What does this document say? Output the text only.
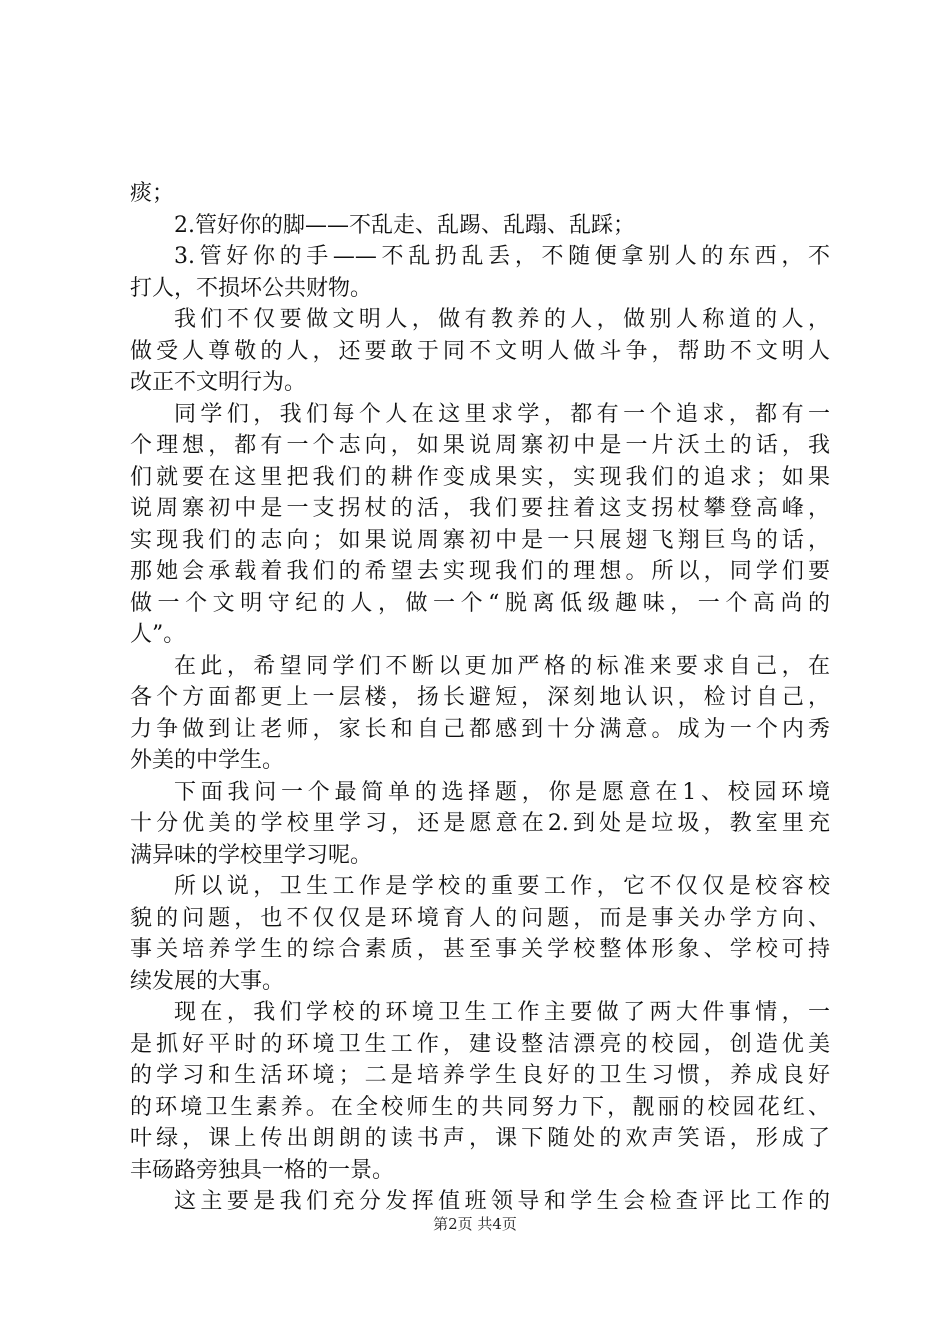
痰；
2.管好你的脚——不乱走、乱踢、乱蹋、乱踩；
3.管好你的手——不乱扔乱丢，不随便拿别人的东西，不
打人，不损坏公共财物。
我们不仅要做文明人，做有教养的人，做别人称道的人，
做受人尊敬的人，还要敢于同不文明人做斗争，帮助不文明人
改正不文明行为。
同学们，我们每个人在这里求学，都有一个追求，都有一
个理想，都有一个志向，如果说周寨初中是一片沃土的话，我
们就要在这里把我们的耕作变成果实，实现我们的追求；如果
说周寨初中是一支拐杖的活，我们要拄着这支拐杖攀登高峰，
实现我们的志向；如果说周寨初中是一只展翅飞翔巨鸟的话，
那她会承载着我们的希望去实现我们的理想。所以，同学们要
做一个文明守纪的人，做一个“脱离低级趣味，一个高尚的
人”。
在此，希望同学们不断以更加严格的标准来要求自己，在
各个方面都更上一层楼，扬长避短，深刻地认识，检讨自己，
力争做到让老师，家长和自己都感到十分满意。成为一个内秀
外美的中学生。
下面我问一个最简单的选择题，你是愿意在1、校园环境
十分优美的学校里学习，还是愿意在2.到处是垃圾，教室里充
满异味的学校里学习呢。
所以说，卫生工作是学校的重要工作，它不仅仅是校容校
貌的问题，也不仅仅是环境育人的问题，而是事关办学方向、
事关培养学生的综合素质，甚至事关学校整体形象、学校可持
续发展的大事。
现在，我们学校的环境卫生工作主要做了两大件事情，一
是抓好平时的环境卫生工作，建设整洁漂亮的校园，创造优美
的学习和生活环境；二是培养学生良好的卫生习惯，养成良好
的环境卫生素养。在全校师生的共同努力下，靓丽的校园花红、
叶绿，课上传出朗朗的读书声，课下随处的欢声笑语，形成了
丰砀路旁独具一格的一景。
这主要是我们充分发挥值班领导和学生会检查评比工作的
第2页 共4页
